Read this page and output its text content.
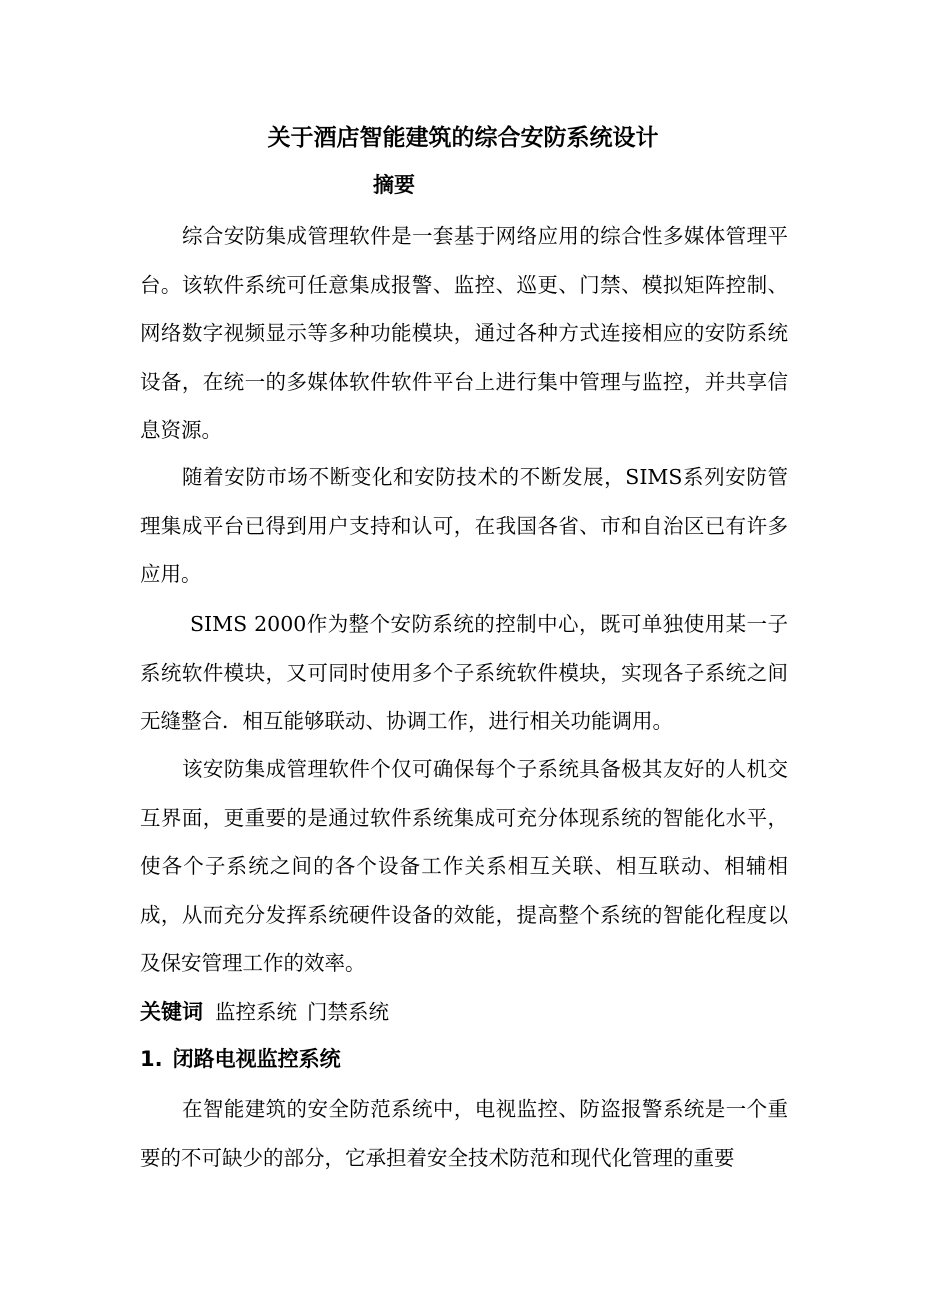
关于酒店智能建筑的综合安防系统设计
摘要

综合安防集成管理软件是一套基于网络应用的综合性多媒体管理平台。该软件系统可任意集成报警、监控、巡更、门禁、模拟矩阵控制、网络数字视频显示等多种功能模块，通过各种方式连接相应的安防系统设备，在统一的多媒体软件软件平台上进行集中管理与监控，并共享信息资源。

随着安防市场不断变化和安防技术的不断发展，SIMS系列安防管理集成平台已得到用户支持和认可，在我国各省、市和自治区已有许多应用。

SIMS 2000作为整个安防系统的控制中心，既可单独使用某一子系统软件模块，又可同时使用多个子系统软件模块，实现各子系统之间无缝整合．相互能够联动、协调工作，进行相关功能调用。

该安防集成管理软件个仅可确保每个子系统具备极其友好的人机交互界面，更重要的是通过软件系统集成可充分体现系统的智能化水平，使各个子系统之间的各个设备工作关系相互关联、相互联动、相辅相成，从而充分发挥系统硬件设备的效能，提高整个系统的智能化程度以及保安管理工作的效率。

关键词 监控系统 门禁系统
1. 闭路电视监控系统

在智能建筑的安全防范系统中，电视监控、防盗报警系统是一个重要的不可缺少的部分，它承担着安全技术防范和现代化管理的重要
